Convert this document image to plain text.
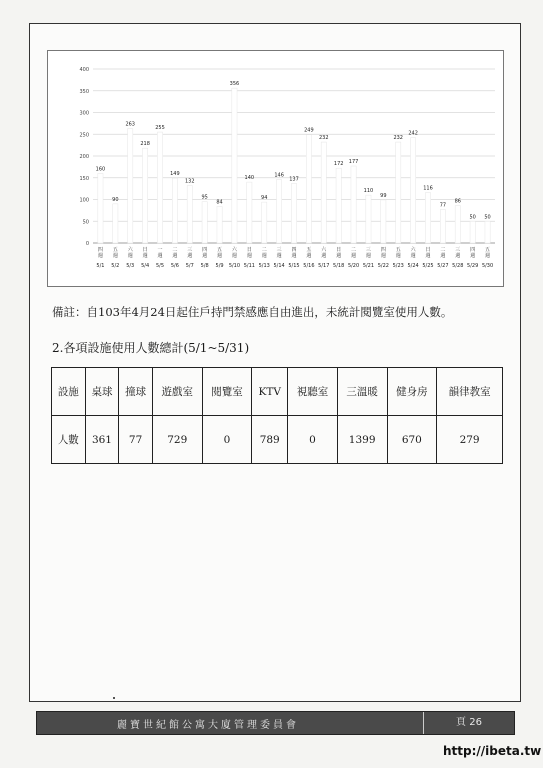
0
50
100
150
200
250
300
350
400
160
四
週
5/1
90
五
週
5/2
263
六
週
5/3
218
日
週
5/4
255
一
週
5/5
149
二
週
5/6
132
三
週
5/7
95
四
週
5/8
84
五
週
5/9
356
六
週
5/10
140
日
週
5/11
94
二
週
5/13
146
三
週
5/14
137
四
週
5/15
249
五
週
5/16
232
六
週
5/17
172
日
週
5/18
177
二
週
5/20
110
三
週
5/21
99
四
週
5/22
232
五
週
5/23
242
六
週
5/24
116
日
週
5/25
77
二
週
5/27
86
三
週
5/28
50
四
週
5/29
50
五
週
5/30
備註：自103年4月24日起住戶持門禁感應自由進出，未統計閱覽室使用人數。
2.各項設施使用人數總計(5/1~5/31)
設施	桌球	撞球	遊戲室	閱覽室	KTV	視聽室	三溫暖	健身房	韻律教室
人數	361	77	729	0	789	0	1399	670	279
麗寶世紀館公寓大廈管理委員會	頁 26
http://ibeta.tw
